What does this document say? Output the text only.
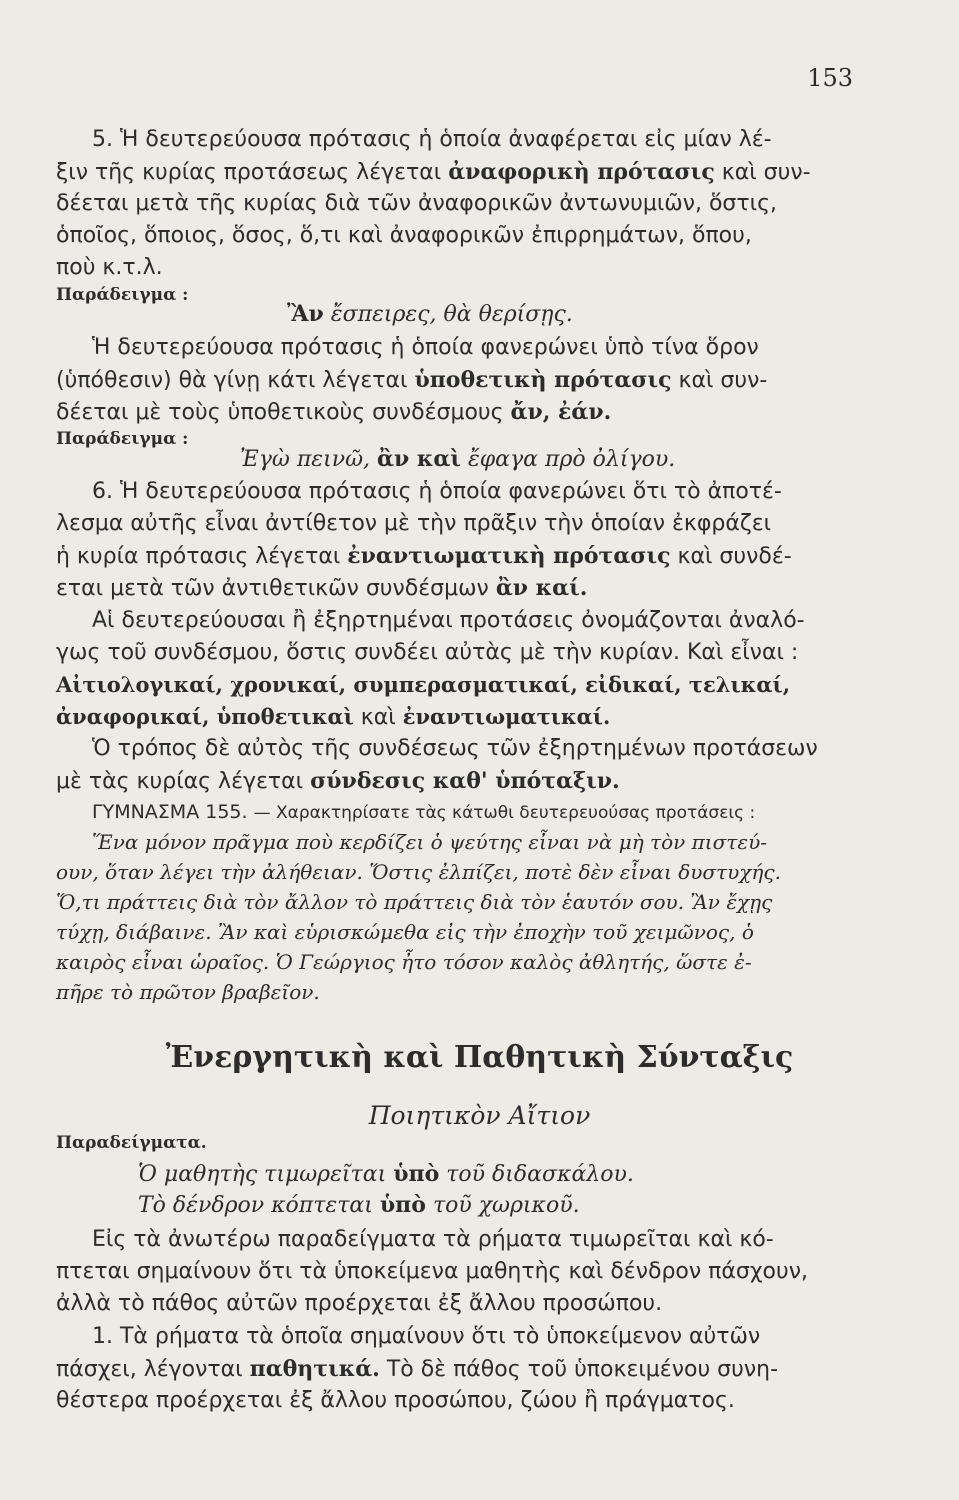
153
5. Ἡ δευτερεύουσα πρότασις ἡ ὁποία ἀναφέρεται εἰς μίαν λέ-
ξιν τῆς κυρίας προτάσεως λέγεται ἀναφορικὴ πρότασις καὶ συν-
δέεται μετὰ τῆς κυρίας διὰ τῶν ἀναφορικῶν ἀντωνυμιῶν, ὅστις,
ὁποῖος, ὅποιος, ὅσος, ὅ,τι καὶ ἀναφορικῶν ἐπιρρημάτων, ὅπου,
ποὺ κ.τ.λ.
Παράδειγμα :
Ἂν ἔσπειρες, θὰ θερίσῃς.
Ἡ δευτερεύουσα πρότασις ἡ ὁποία φανερώνει ὑπὸ τίνα ὅρον
(ὑπόθεσιν) θὰ γίνῃ κάτι λέγεται ὑποθετικὴ πρότασις καὶ συν-
δέεται μὲ τοὺς ὑποθετικοὺς συνδέσμους ἄν, ἐάν.
Παράδειγμα :
Ἐγὼ πεινῶ, ἂν καὶ ἔφαγα πρὸ ὀλίγου.
6. Ἡ δευτερεύουσα πρότασις ἡ ὁποία φανερώνει ὅτι τὸ ἀποτέ-
λεσμα αὐτῆς εἶναι ἀντίθετον μὲ τὴν πρᾶξιν τὴν ὁποίαν ἐκφράζει
ἡ κυρία πρότασις λέγεται ἐναντιωματικὴ πρότασις καὶ συνδέ-
εται μετὰ τῶν ἀντιθετικῶν συνδέσμων ἂν καί.
Αἱ δευτερεύουσαι ἢ ἐξηρτημέναι προτάσεις ὀνομάζονται ἀναλό-
γως τοῦ συνδέσμου, ὅστις συνδέει αὐτὰς μὲ τὴν κυρίαν. Καὶ εἶναι :
Αἰτιολογικαί, χρονικαί, συμπερασματικαί, εἰδικαί, τελικαί,
ἀναφορικαί, ὑποθετικαὶ καὶ ἐναντιωματικαί.
Ὁ τρόπος δὲ αὐτὸς τῆς συνδέσεως τῶν ἐξηρτημένων προτάσεων
μὲ τὰς κυρίας λέγεται σύνδεσις καθ' ὑπόταξιν.
ΓΥΜΝΑΣΜΑ 155. — Χαρακτηρίσατε τὰς κάτωθι δευτερευούσας προτάσεις :
Ἕνα μόνον πρᾶγμα ποὺ κερδίζει ὁ ψεύτης εἶναι νὰ μὴ τὸν πιστεύ-
ουν, ὅταν λέγει τὴν ἀλήθειαν. Ὅστις ἐλπίζει, ποτὲ δὲν εἶναι δυστυχής.
Ὅ,τι πράττεις διὰ τὸν ἄλλον τὸ πράττεις διὰ τὸν ἑαυτόν σου. Ἂν ἔχῃς
τύχῃ, διάβαινε. Ἂν καὶ εὑρισκώμεθα εἰς τὴν ἐποχὴν τοῦ χειμῶνος, ὁ
καιρὸς εἶναι ὡραῖος. Ὁ Γεώργιος ἦτο τόσον καλὸς ἀθλητής, ὥστε ἐ-
πῆρε τὸ πρῶτον βραβεῖον.
Ἐνεργητικὴ καὶ Παθητικὴ Σύνταξις
Ποιητικὸν Αἴτιον
Παραδείγματα.
Ὁ μαθητὴς τιμωρεῖται ὑπὸ τοῦ διδασκάλου.
Τὸ δένδρον κόπτεται ὑπὸ τοῦ χωρικοῦ.
Εἰς τὰ ἀνωτέρω παραδείγματα τὰ ρήματα τιμωρεῖται καὶ κό-
πτεται σημαίνουν ὅτι τὰ ὑποκείμενα μαθητὴς καὶ δένδρον πάσχουν,
ἀλλὰ τὸ πάθος αὐτῶν προέρχεται ἐξ ἄλλου προσώπου.
1. Τὰ ρήματα τὰ ὁποῖα σημαίνουν ὅτι τὸ ὑποκείμενον αὐτῶν
πάσχει, λέγονται παθητικά. Τὸ δὲ πάθος τοῦ ὑποκειμένου συνη-
θέστερα προέρχεται ἐξ ἄλλου προσώπου, ζώου ἢ πράγματος.
